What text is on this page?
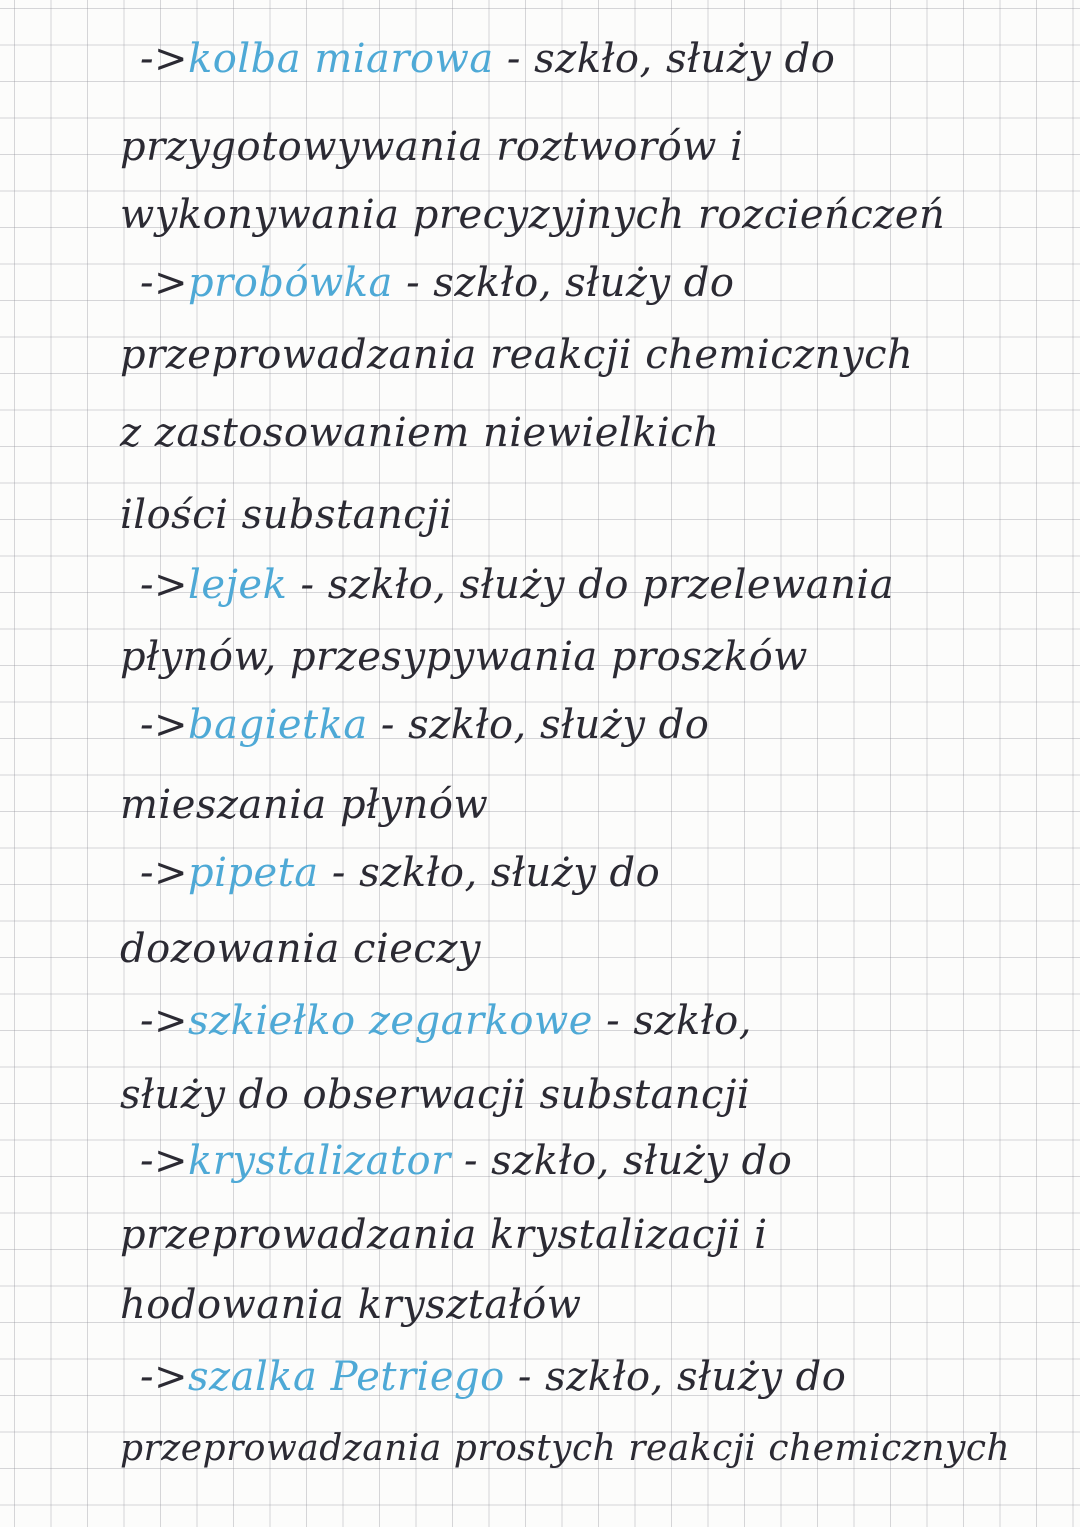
->kolba miarowa - szkło, służy do
przygotowywania roztworów i
wykonywania precyzyjnych rozcieńczeń
->probówka - szkło, służy do
przeprowadzania reakcji chemicznych
z zastosowaniem niewielkich
ilości substancji
->lejek - szkło, służy do przelewania
płynów, przesypywania proszków
->bagietka - szkło, służy do
mieszania płynów
->pipeta - szkło, służy do
dozowania cieczy
->szkiełko zegarkowe - szkło,
służy do obserwacji substancji
->krystalizator - szkło, służy do
przeprowadzania krystalizacji i
hodowania kryształów
->szalka Petriego - szkło, służy do
przeprowadzania prostych reakcji chemicznych
